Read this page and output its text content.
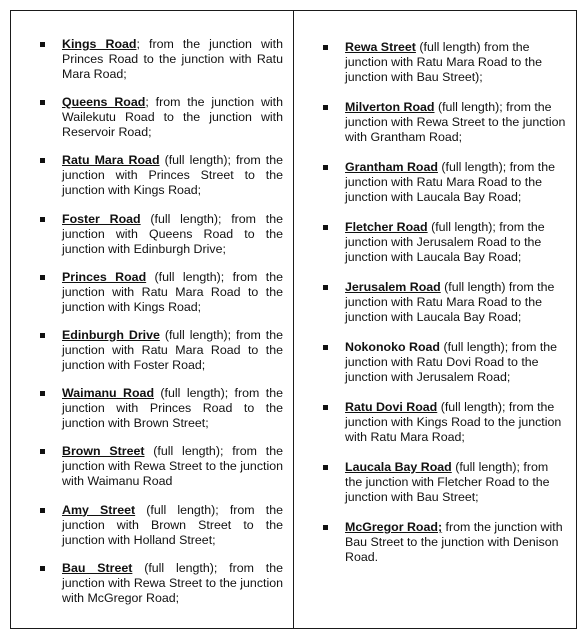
Kings Road; from the junction with Princes Road to the junction with Ratu Mara Road;
Queens Road; from the junction with Wailekutu Road to the junction with Reservoir Road;
Ratu Mara Road (full length); from the junction with Princes Street to the junction with Kings Road;
Foster Road (full length); from the junction with Queens Road to the junction with Edinburgh Drive;
Princes Road (full length); from the junction with Ratu Mara Road to the junction with Kings Road;
Edinburgh Drive (full length); from the junction with Ratu Mara Road to the junction with Foster Road;
Waimanu Road (full length); from the junction with Princes Road to the junction with Brown Street;
Brown Street (full length); from the junction with Rewa Street to the junction with Waimanu Road
Amy Street (full length); from the junction with Brown Street to the junction with Holland Street;
Bau Street (full length); from the junction with Rewa Street to the junction with McGregor Road;
Rewa Street (full length) from the junction with Ratu Mara Road to the junction with Bau Street);
Milverton Road (full length); from the junction with Rewa Street to the junction with Grantham Road;
Grantham Road (full length); from the junction with Ratu Mara Road to the junction with Laucala Bay Road;
Fletcher Road (full length); from the junction with Jerusalem Road to the junction with Laucala Bay Road;
Jerusalem Road (full length) from the junction with Ratu Mara Road to the junction with Laucala Bay Road;
Nokonoko Road (full length); from the junction with Ratu Dovi Road to the junction with Jerusalem Road;
Ratu Dovi Road (full length); from the junction with Kings Road to the junction with Ratu Mara Road;
Laucala Bay Road (full length); from the junction with Fletcher Road to the junction with Bau Street;
McGregor Road; from the junction with Bau Street to the junction with Denison Road.
